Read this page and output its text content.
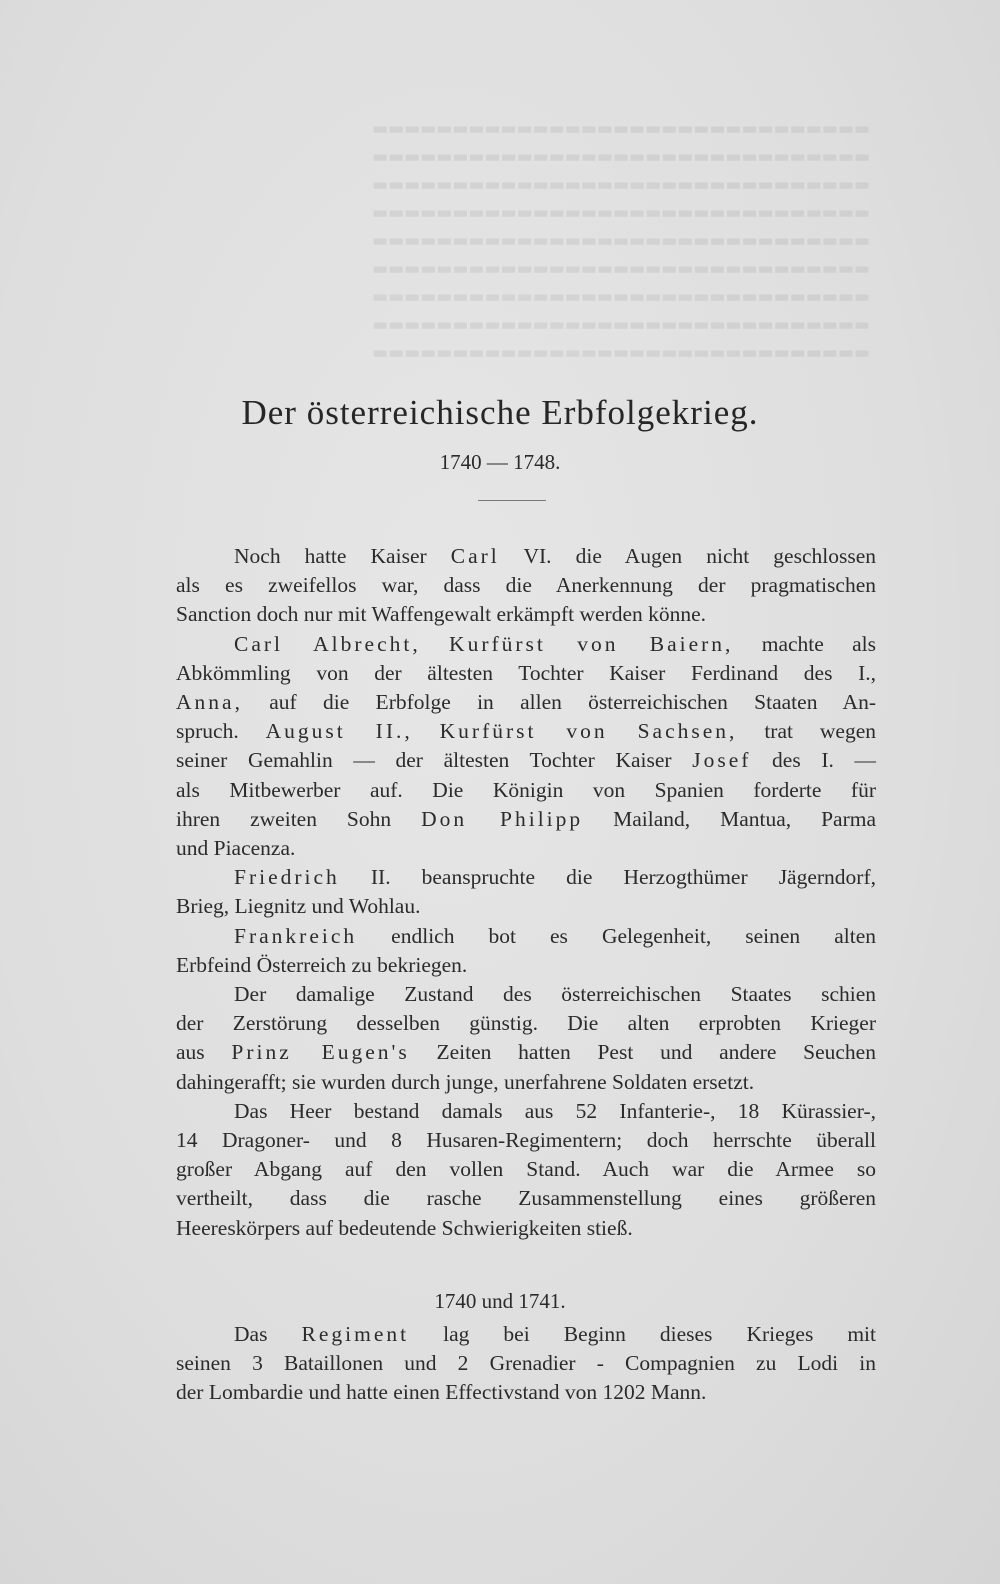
▬▬▬▬▬▬▬▬▬▬▬▬▬▬▬▬▬▬▬▬▬▬▬▬▬▬▬▬▬▬▬
▬▬▬▬▬▬▬▬▬▬▬▬▬▬▬▬▬▬▬▬▬▬▬▬▬▬▬▬▬▬▬
▬▬▬▬▬▬▬▬▬▬▬▬▬▬▬▬▬▬▬▬▬▬▬▬▬▬▬▬▬▬▬
▬▬▬▬▬▬▬▬▬▬▬▬▬▬▬▬▬▬▬▬▬▬▬▬▬▬▬▬▬▬▬
▬▬▬▬▬▬▬▬▬▬▬▬▬▬▬▬▬▬▬▬▬▬▬▬▬▬▬▬▬▬▬
▬▬▬▬▬▬▬▬▬▬▬▬▬▬▬▬▬▬▬▬▬▬▬▬▬▬▬▬▬▬▬
▬▬▬▬▬▬▬▬▬▬▬▬▬▬▬▬▬▬▬▬▬▬▬▬▬▬▬▬▬▬▬
▬▬▬▬▬▬▬▬▬▬▬▬▬▬▬▬▬▬▬▬▬▬▬▬▬▬▬▬▬▬▬
▬▬▬▬▬▬▬▬▬▬▬▬▬▬▬▬▬▬▬▬▬▬▬▬▬▬▬▬▬▬▬
Der österreichische Erbfolgekrieg.
1740 — 1748.

Noch hatte Kaiser Carl VI. die Augen nicht geschlossen
als es zweifellos war, dass die Anerkennung der pragmatischen
Sanction doch nur mit Waffengewalt erkämpft werden könne.

Carl Albrecht, Kurfürst von Baiern, machte als
Abkömmling von der ältesten Tochter Kaiser Ferdinand des I.,
Anna, auf die Erbfolge in allen österreichischen Staaten An-
spruch. August II., Kurfürst von Sachsen, trat wegen
seiner Gemahlin — der ältesten Tochter Kaiser Josef des I. —
als Mitbewerber auf. Die Königin von Spanien forderte für
ihren zweiten Sohn Don Philipp Mailand, Mantua, Parma
und Piacenza.

Friedrich II. beanspruchte die Herzogthümer Jägerndorf,
Brieg, Liegnitz und Wohlau.

Frankreich endlich bot es Gelegenheit, seinen alten
Erbfeind Österreich zu bekriegen.

Der damalige Zustand des österreichischen Staates schien
der Zerstörung desselben günstig. Die alten erprobten Krieger
aus Prinz Eugen's Zeiten hatten Pest und andere Seuchen
dahingerafft; sie wurden durch junge, unerfahrene Soldaten ersetzt.

Das Heer bestand damals aus 52 Infanterie-, 18 Kürassier-,
14 Dragoner- und 8 Husaren-Regimentern; doch herrschte überall
großer Abgang auf den vollen Stand. Auch war die Armee so
vertheilt, dass die rasche Zusammenstellung eines größeren
Heereskörpers auf bedeutende Schwierigkeiten stieß.

1740 und 1741.

Das Regiment lag bei Beginn dieses Krieges mit
seinen 3 Bataillonen und 2 Grenadier - Compagnien zu Lodi in
der Lombardie und hatte einen Effectivstand von 1202 Mann.
